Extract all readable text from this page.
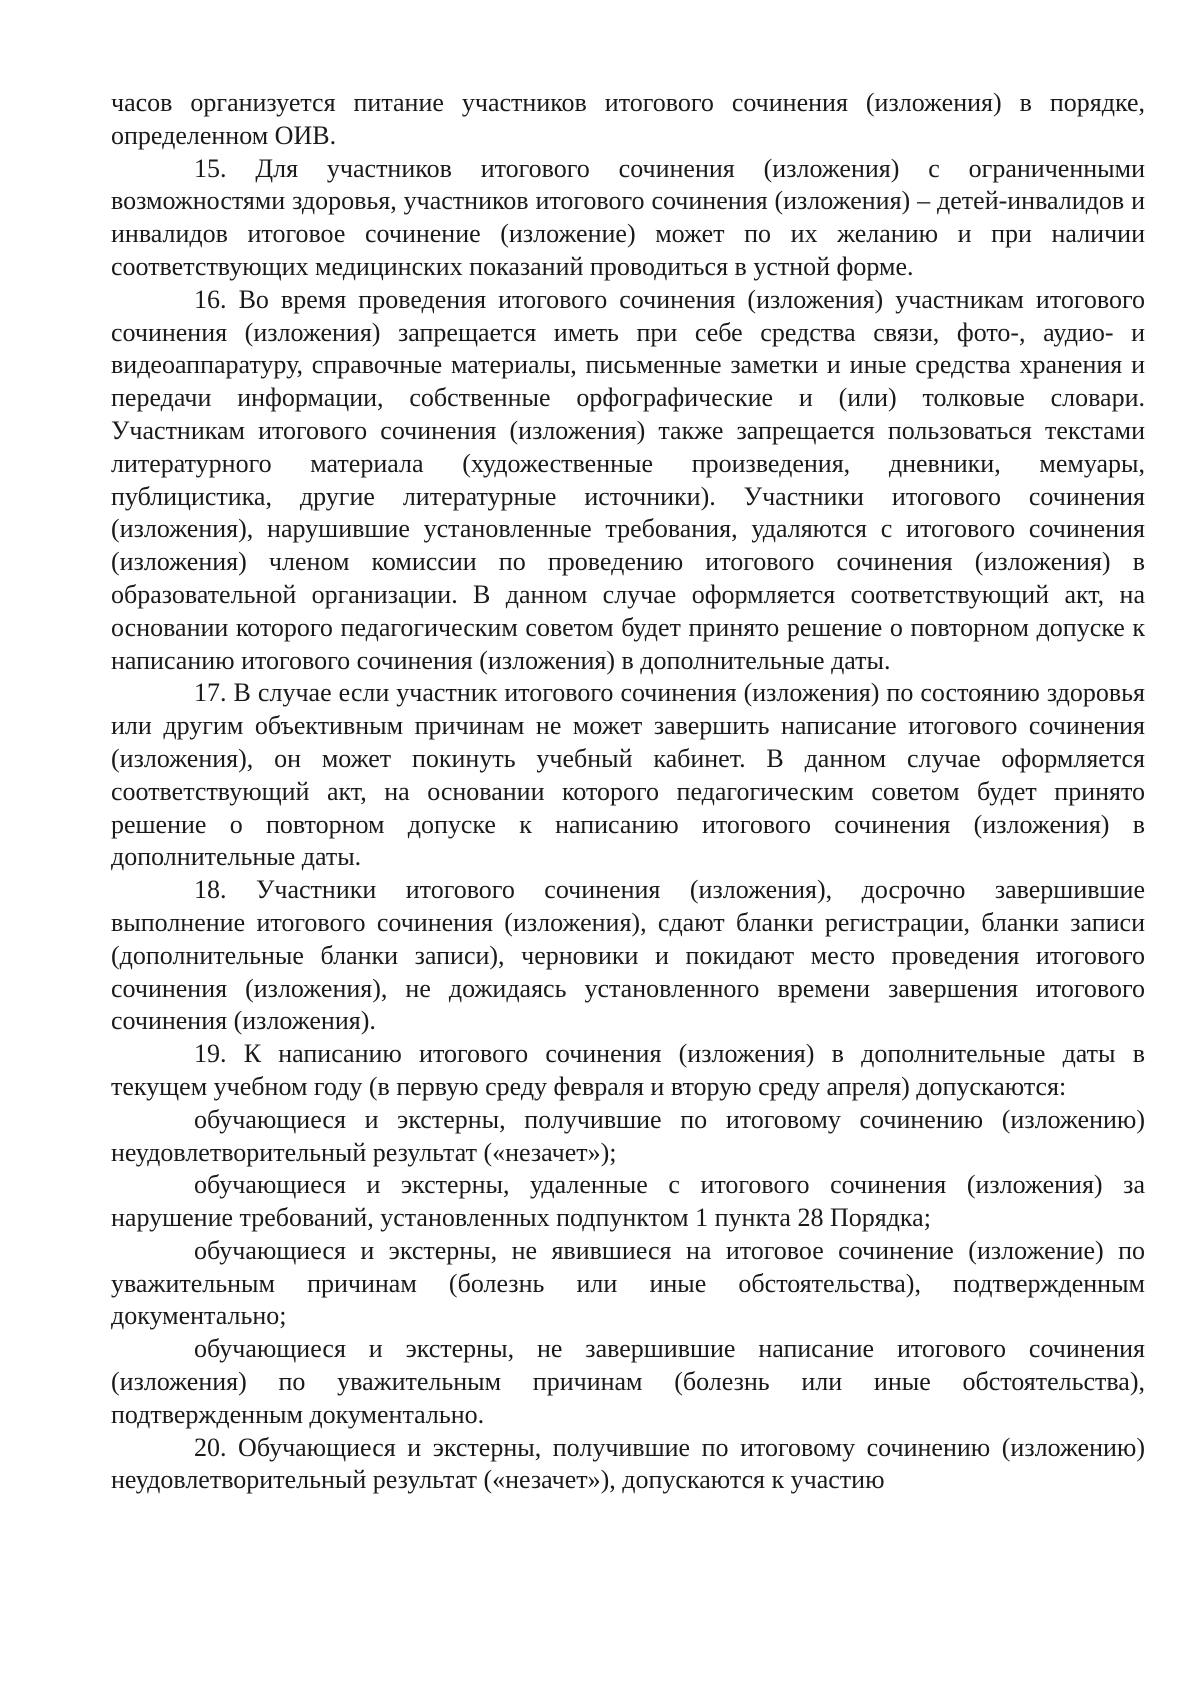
часов организуется питание участников итогового сочинения (изложения) в порядке, определенном ОИВ.

15. Для участников итогового сочинения (изложения) с ограниченными возможностями здоровья, участников итогового сочинения (изложения) – детей-инвалидов и инвалидов итоговое сочинение (изложение) может по их желанию и при наличии соответствующих медицинских показаний проводиться в устной форме.

16. Во время проведения итогового сочинения (изложения) участникам итогового сочинения (изложения) запрещается иметь при себе средства связи, фото-, аудио- и видеоаппаратуру, справочные материалы, письменные заметки и иные средства хранения и передачи информации, собственные орфографические и (или) толковые словари. Участникам итогового сочинения (изложения) также запрещается пользоваться текстами литературного материала (художественные произведения, дневники, мемуары, публицистика, другие литературные источники). Участники итогового сочинения (изложения), нарушившие установленные требования, удаляются с итогового сочинения (изложения) членом комиссии по проведению итогового сочинения (изложения) в образовательной организации. В данном случае оформляется соответствующий акт, на основании которого педагогическим советом будет принято решение о повторном допуске к написанию итогового сочинения (изложения) в дополнительные даты.

17. В случае если участник итогового сочинения (изложения) по состоянию здоровья или другим объективным причинам не может завершить написание итогового сочинения (изложения), он может покинуть учебный кабинет. В данном случае оформляется соответствующий акт, на основании которого педагогическим советом будет принято решение о повторном допуске к написанию итогового сочинения (изложения) в дополнительные даты.

18. Участники итогового сочинения (изложения), досрочно завершившие выполнение итогового сочинения (изложения), сдают бланки регистрации, бланки записи (дополнительные бланки записи), черновики и покидают место проведения итогового сочинения (изложения), не дожидаясь установленного времени завершения итогового сочинения (изложения).

19. К написанию итогового сочинения (изложения) в дополнительные даты в текущем учебном году (в первую среду февраля и вторую среду апреля) допускаются:

обучающиеся и экстерны, получившие по итоговому сочинению (изложению) неудовлетворительный результат («незачет»);

обучающиеся и экстерны, удаленные с итогового сочинения (изложения) за нарушение требований, установленных подпунктом 1 пункта 28 Порядка;

обучающиеся и экстерны, не явившиеся на итоговое сочинение (изложение) по уважительным причинам (болезнь или иные обстоятельства), подтвержденным документально;

обучающиеся и экстерны, не завершившие написание итогового сочинения (изложения) по уважительным причинам (болезнь или иные обстоятельства), подтвержденным документально.

20. Обучающиеся и экстерны, получившие по итоговому сочинению (изложению) неудовлетворительный результат («незачет»), допускаются к участию
